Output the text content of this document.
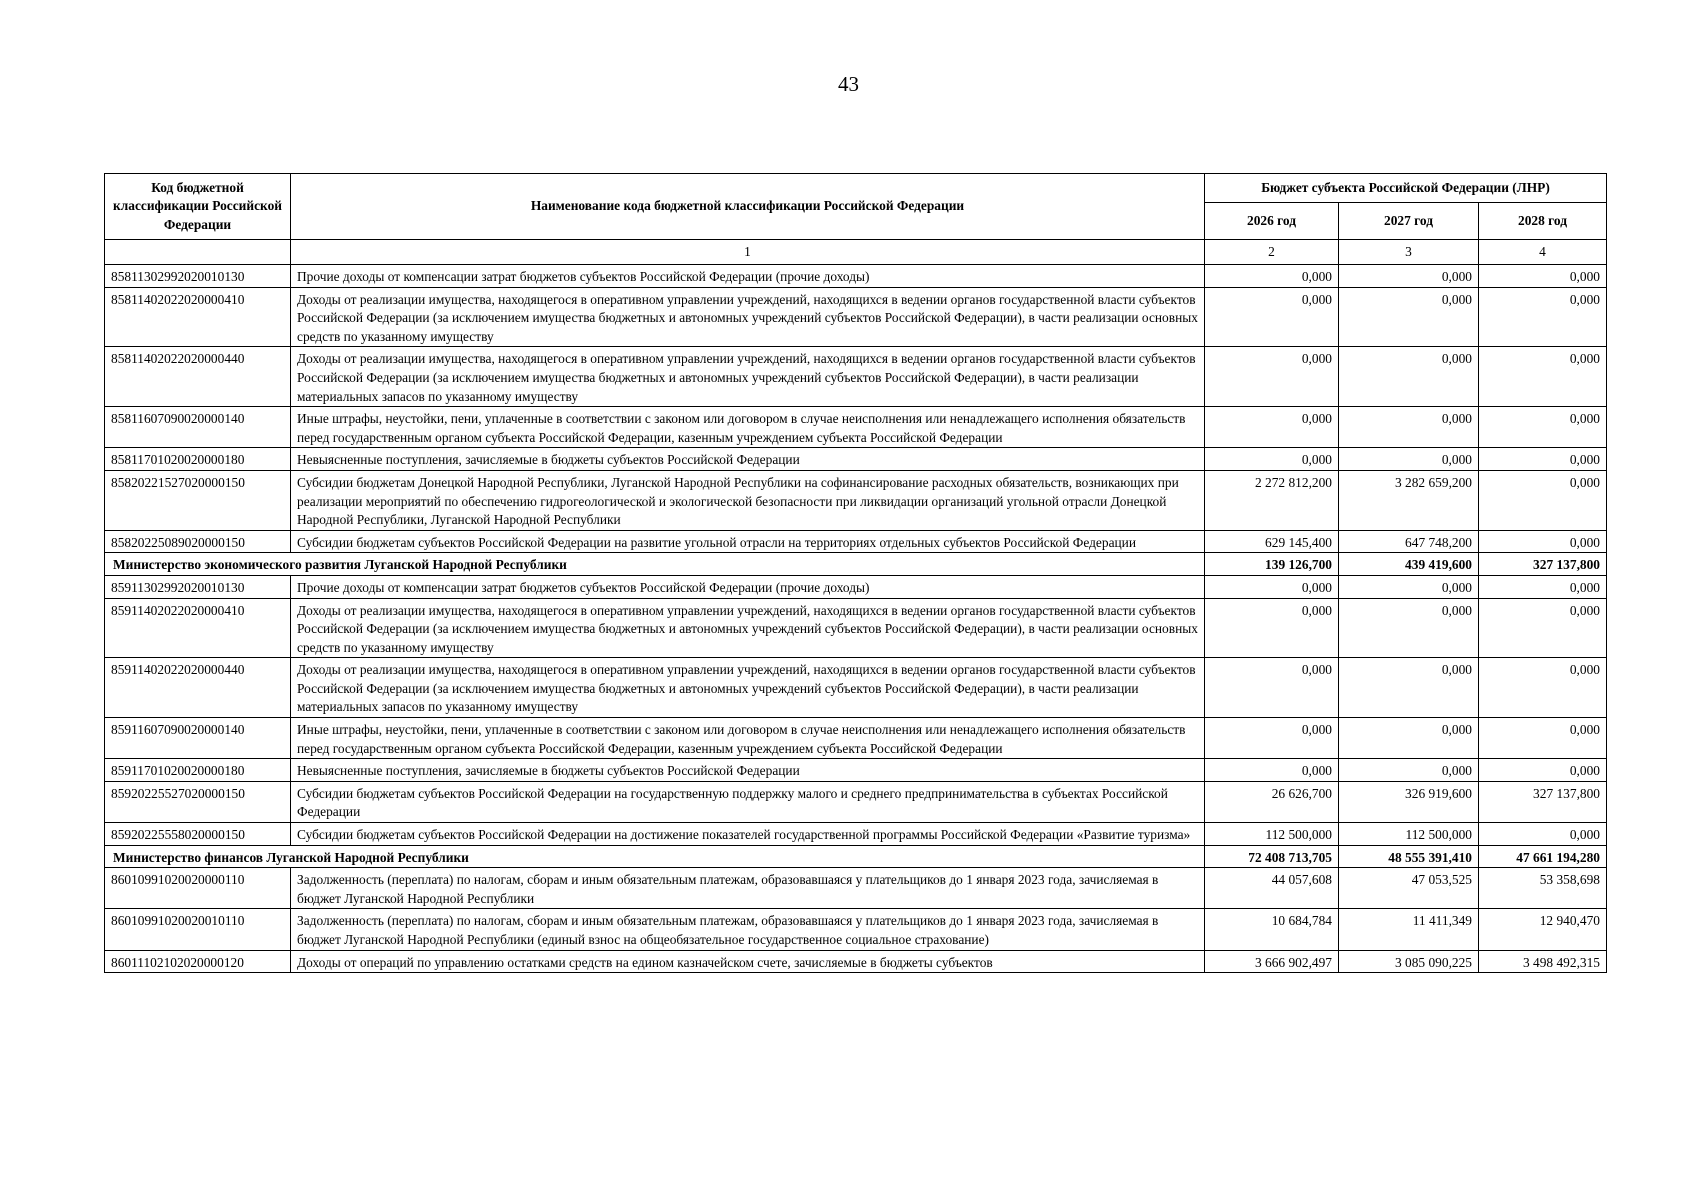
43
Код бюджетной классификации Российской Федерации	Наименование кода бюджетной классификации Российской Федерации	Бюджет субъекта Российской Федерации (ЛНР)		
		2026 год	2027 год	2028 год
	1	2	3	4
85811302992020010130	Прочие доходы от компенсации затрат бюджетов субъектов Российской Федерации (прочие доходы)	0,000	0,000	0,000
85811402022020000410	Доходы от реализации имущества, находящегося в оперативном управлении учреждений, находящихся в ведении органов государственной власти субъектов Российской Федерации (за исключением имущества бюджетных и автономных учреждений субъектов Российской Федерации), в части реализации основных средств по указанному имуществу	0,000	0,000	0,000
85811402022020000440	Доходы от реализации имущества, находящегося в оперативном управлении учреждений, находящихся в ведении органов государственной власти субъектов Российской Федерации (за исключением имущества бюджетных и автономных учреждений субъектов Российской Федерации), в части реализации материальных запасов по указанному имуществу	0,000	0,000	0,000
85811607090020000140	Иные штрафы, неустойки, пени, уплаченные в соответствии с законом или договором в случае неисполнения или ненадлежащего исполнения обязательств перед государственным органом субъекта Российской Федерации, казенным учреждением субъекта Российской Федерации	0,000	0,000	0,000
85811701020020000180	Невыясненные поступления, зачисляемые в бюджеты субъектов Российской Федерации	0,000	0,000	0,000
85820221527020000150	Субсидии бюджетам Донецкой Народной Республики, Луганской Народной Республики на софинансирование расходных обязательств, возникающих при реализации мероприятий по обеспечению гидрогеологической и экологической безопасности при ликвидации организаций угольной отрасли Донецкой Народной Республики, Луганской Народной Республики	2 272 812,200	3 282 659,200	0,000
85820225089020000150	Субсидии бюджетам субъектов Российской Федерации на развитие угольной отрасли на территориях отдельных субъектов Российской Федерации	629 145,400	647 748,200	0,000
Министерство экономического развития Луганской Народной Республики		139 126,700	439 419,600	327 137,800
85911302992020010130	Прочие доходы от компенсации затрат бюджетов субъектов Российской Федерации (прочие доходы)	0,000	0,000	0,000
85911402022020000410	Доходы от реализации имущества, находящегося в оперативном управлении учреждений, находящихся в ведении органов государственной власти субъектов Российской Федерации (за исключением имущества бюджетных и автономных учреждений субъектов Российской Федерации), в части реализации основных средств по указанному имуществу	0,000	0,000	0,000
85911402022020000440	Доходы от реализации имущества, находящегося в оперативном управлении учреждений, находящихся в ведении органов государственной власти субъектов Российской Федерации (за исключением имущества бюджетных и автономных учреждений субъектов Российской Федерации), в части реализации материальных запасов по указанному имуществу	0,000	0,000	0,000
85911607090020000140	Иные штрафы, неустойки, пени, уплаченные в соответствии с законом или договором в случае неисполнения или ненадлежащего исполнения обязательств перед государственным органом субъекта Российской Федерации, казенным учреждением субъекта Российской Федерации	0,000	0,000	0,000
85911701020020000180	Невыясненные поступления, зачисляемые в бюджеты субъектов Российской Федерации	0,000	0,000	0,000
85920225527020000150	Субсидии бюджетам субъектов Российской Федерации на государственную поддержку малого и среднего предпринимательства в субъектах Российской Федерации	26 626,700	326 919,600	327 137,800
85920225558020000150	Субсидии бюджетам субъектов Российской Федерации на достижение показателей государственной программы Российской Федерации «Развитие туризма»	112 500,000	112 500,000	0,000
Министерство финансов Луганской Народной Республики		72 408 713,705	48 555 391,410	47 661 194,280
86010991020020000110	Задолженность (переплата) по налогам, сборам и иным обязательным платежам, образовавшаяся у плательщиков до 1 января 2023 года, зачисляемая в бюджет Луганской Народной Республики	44 057,608	47 053,525	53 358,698
86010991020020010110	Задолженность (переплата) по налогам, сборам и иным обязательным платежам, образовавшаяся у плательщиков до 1 января 2023 года, зачисляемая в бюджет Луганской Народной Республики (единый взнос на общеобязательное государственное социальное страхование)	10 684,784	11 411,349	12 940,470
86011102102020000120	Доходы от операций по управлению остатками средств на едином казначейском счете, зачисляемые в бюджеты субъектов	3 666 902,497	3 085 090,225	3 498 492,315
